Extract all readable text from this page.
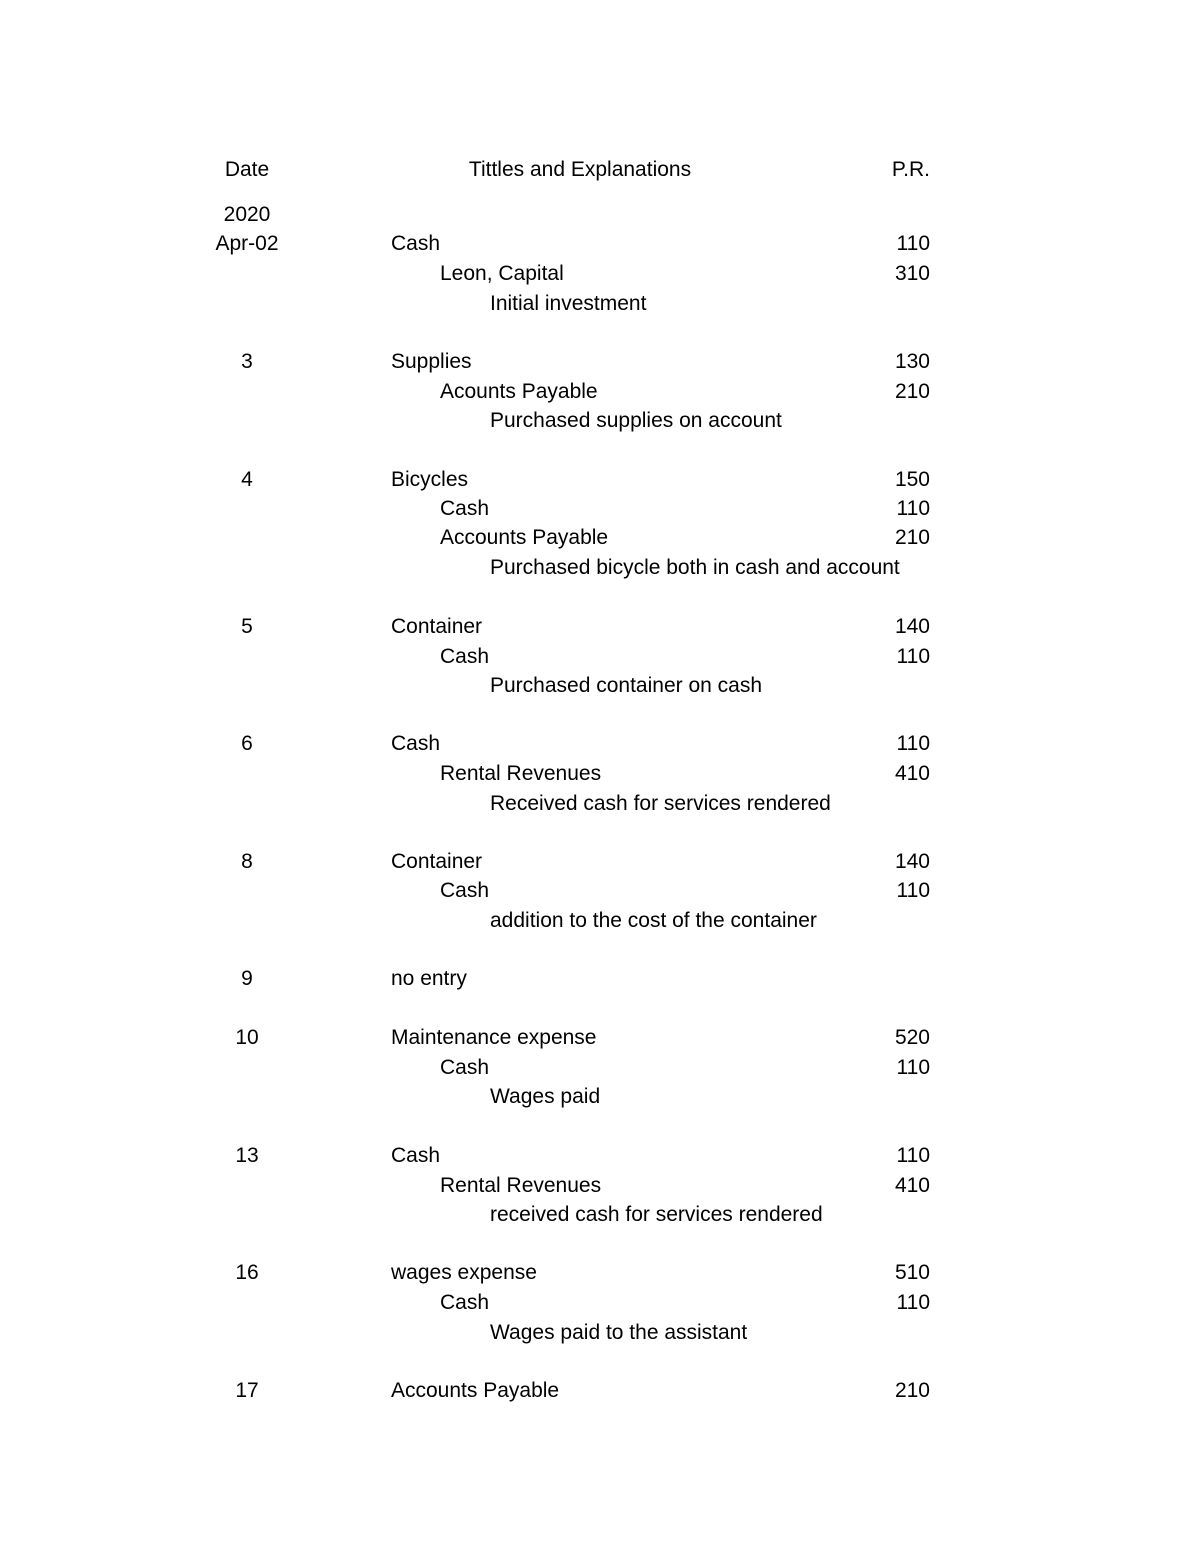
Date	Tittles and Explanations	P.R.
2020
Apr-02	Cash	110
Leon, Capital	310
Initial investment
3	Supplies	130
Acounts Payable	210
Purchased supplies on account
4	Bicycles	150
Cash	110
Accounts Payable	210
Purchased bicycle both in cash and account
5	Container	140
Cash	110
Purchased container on cash
6	Cash	110
Rental Revenues	410
Received cash for services rendered
8	Container	140
Cash	110
addition to the cost of the container
9	no entry
10	Maintenance expense	520
Cash	110
Wages paid
13	Cash	110
Rental Revenues	410
received cash for services rendered
16	wages expense	510
Cash	110
Wages paid to the assistant
17	Accounts Payable	210
